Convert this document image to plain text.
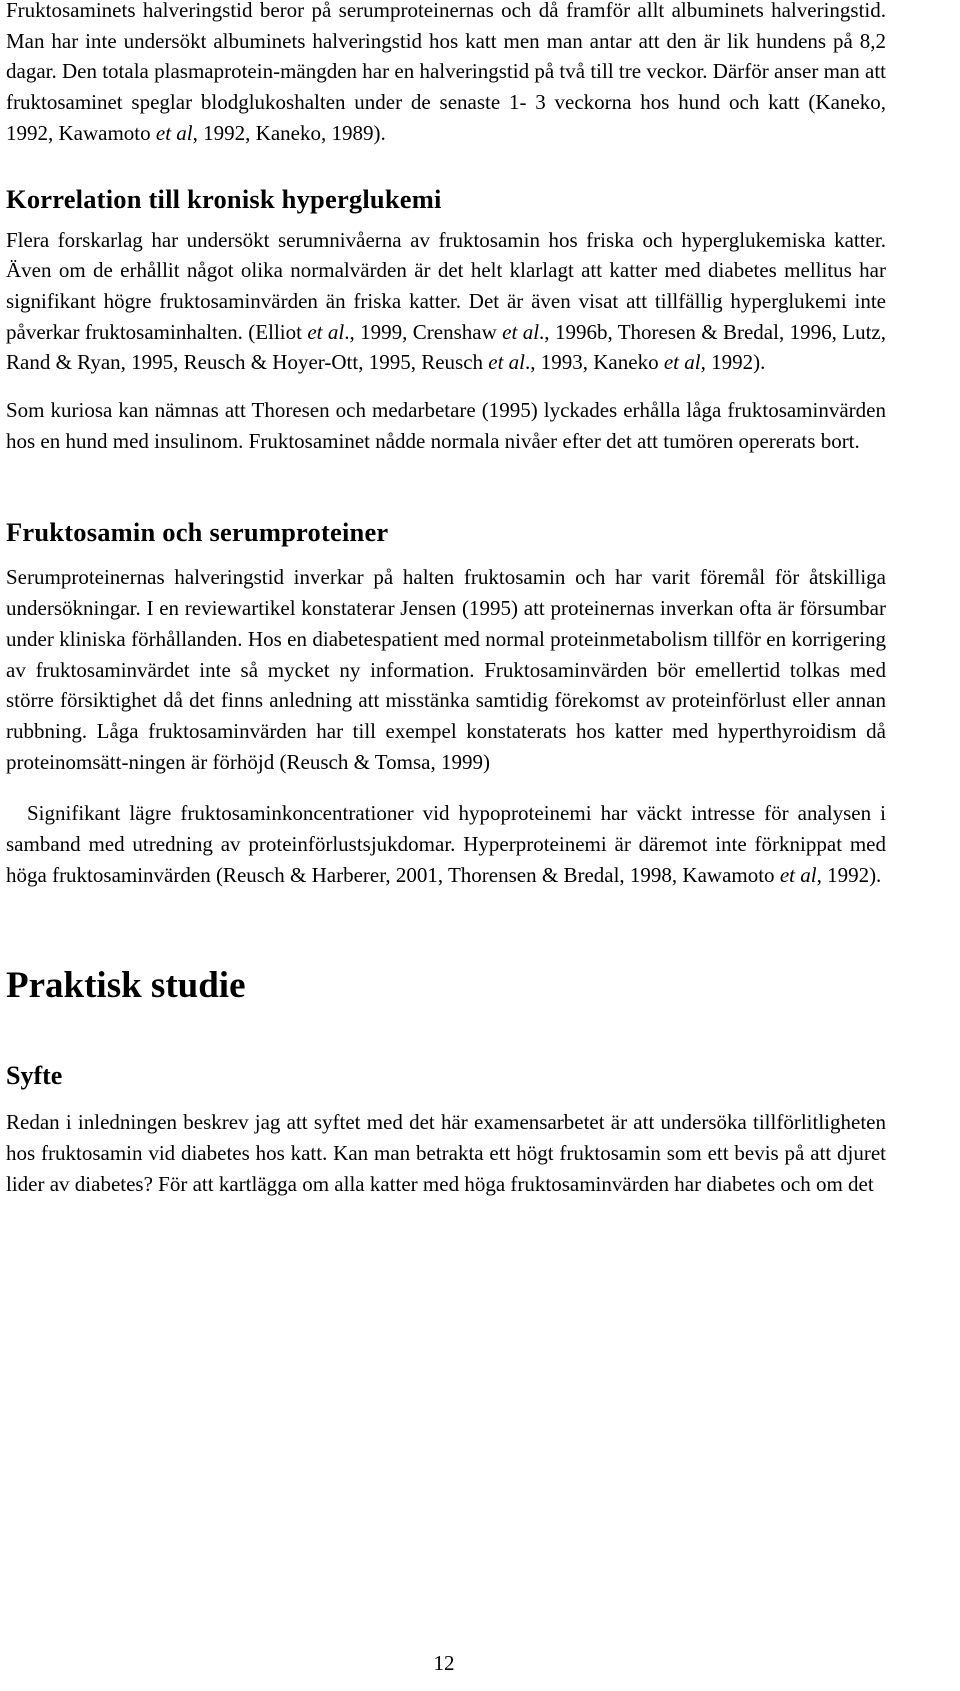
Fruktosaminets halveringstid beror på serumproteinernas och då framför allt albuminets halveringstid. Man har inte undersökt albuminets halveringstid hos katt men man antar att den är lik hundens på 8,2 dagar. Den totala plasmaprotein-mängden har en halveringstid på två till tre veckor. Därför anser man att fruktosaminet speglar blodglukoshalten under de senaste 1- 3 veckorna hos hund och katt (Kaneko, 1992, Kawamoto et al, 1992, Kaneko, 1989).

Korrelation till kronisk hyperglukemi

Flera forskarlag har undersökt serumnivåerna av fruktosamin hos friska och hyperglukemiska katter. Även om de erhållit något olika normalvärden är det helt klarlagt att katter med diabetes mellitus har signifikant högre fruktosaminvärden än friska katter. Det är även visat att tillfällig hyperglukemi inte påverkar fruktosaminhalten. (Elliot et al., 1999, Crenshaw et al., 1996b, Thoresen & Bredal, 1996, Lutz, Rand & Ryan, 1995, Reusch & Hoyer-Ott, 1995, Reusch et al., 1993, Kaneko et al, 1992).

Som kuriosa kan nämnas att Thoresen och medarbetare (1995) lyckades erhålla låga fruktosaminvärden hos en hund med insulinom. Fruktosaminet nådde normala nivåer efter det att tumören opererats bort.

Fruktosamin och serumproteiner

Serumproteinernas halveringstid inverkar på halten fruktosamin och har varit föremål för åtskilliga undersökningar. I en reviewartikel konstaterar Jensen (1995) att proteinernas inverkan ofta är försumbar under kliniska förhållanden. Hos en diabetespatient med normal proteinmetabolism tillför en korrigering av fruktosaminvärdet inte så mycket ny information. Fruktosaminvärden bör emellertid tolkas med större försiktighet då det finns anledning att misstänka samtidig förekomst av proteinförlust eller annan rubbning. Låga fruktosaminvärden har till exempel konstaterats hos katter med hyperthyroidism då proteinomsätt-ningen är förhöjd (Reusch & Tomsa, 1999)

Signifikant lägre fruktosaminkoncentrationer vid hypoproteinemi har väckt intresse för analysen i samband med utredning av proteinförlustsjukdomar. Hyperproteinemi är däremot inte förknippat med höga fruktosaminvärden (Reusch & Harberer, 2001, Thorensen & Bredal, 1998, Kawamoto et al, 1992).

Praktisk studie
Syfte

Redan i inledningen beskrev jag att syftet med det här examensarbetet är att undersöka tillförlitligheten hos fruktosamin vid diabetes hos katt. Kan man betrakta ett högt fruktosamin som ett bevis på att djuret lider av diabetes? För att kartlägga om alla katter med höga fruktosaminvärden har diabetes och om det

12
